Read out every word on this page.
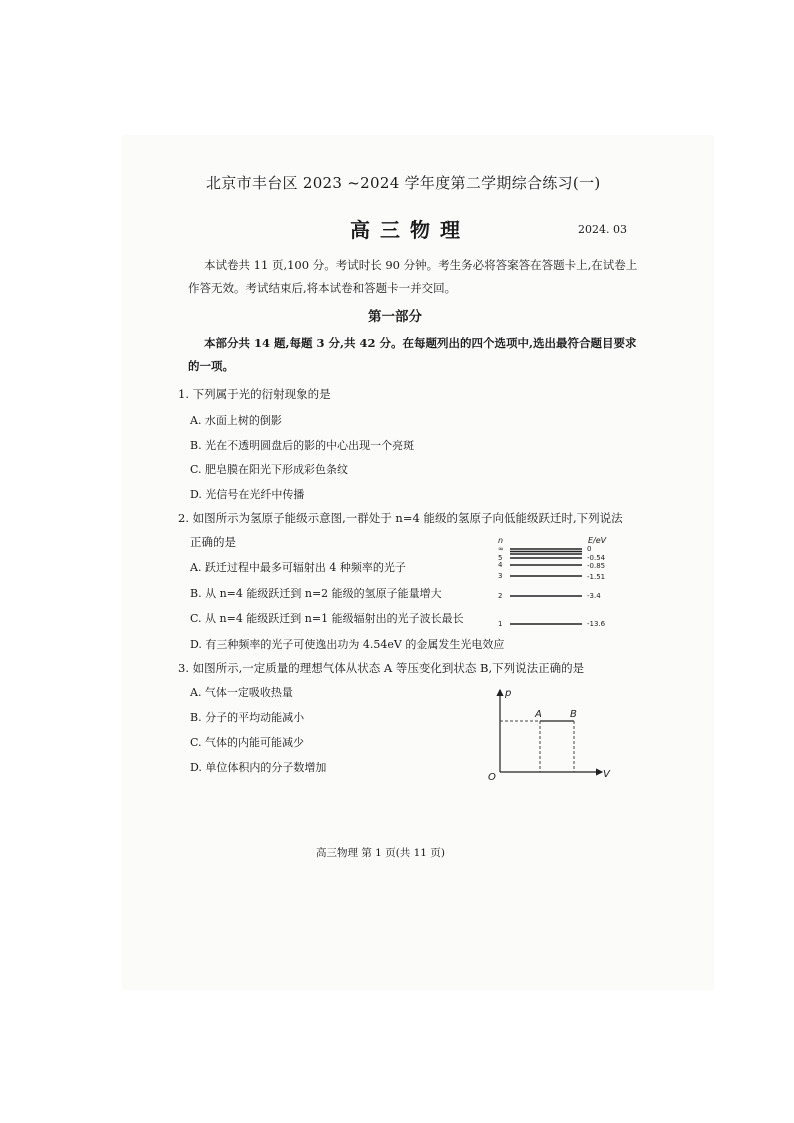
北京市丰台区 2023 ~2024 学年度第二学期综合练习(一)
高三物理	2024. 03
本试卷共 11 页,100 分。考试时长 90 分钟。考生务必将答案答在答题卡上,在试卷上
作答无效。考试结束后,将本试卷和答题卡一并交回。
第一部分
本部分共 14 题,每题 3 分,共 42 分。在每题列出的四个选项中,选出最符合题目要求
的一项。
1. 下列属于光的衍射现象的是
A. 水面上树的倒影
B. 光在不透明圆盘后的影的中心出现一个亮斑
C. 肥皂膜在阳光下形成彩色条纹
D. 光信号在光纤中传播
2. 如图所示为氢原子能级示意图,一群处于 n=4 能级的氢原子向低能级跃迁时,下列说法
正确的是
A. 跃迁过程中最多可辐射出 4 种频率的光子
B. 从 n=4 能级跃迁到 n=2 能级的氢原子能量增大
C. 从 n=4 能级跃迁到 n=1 能级辐射出的光子波长最长
D. 有三种频率的光子可使逸出功为 4.54eV 的金属发生光电效应
n	E/eV
∞
5
4
3
2
1
0
-0.54
-0.85
-1.51
-3.4
-13.6
3. 如图所示,一定质量的理想气体从状态 A 等压变化到状态 B,下列说法正确的是
A. 气体一定吸收热量
B. 分子的平均动能减小
C. 气体的内能可能减少
D. 单位体积内的分子数增加
p
V
O
A	B
高三物理 第 1 页(共 11 页)
